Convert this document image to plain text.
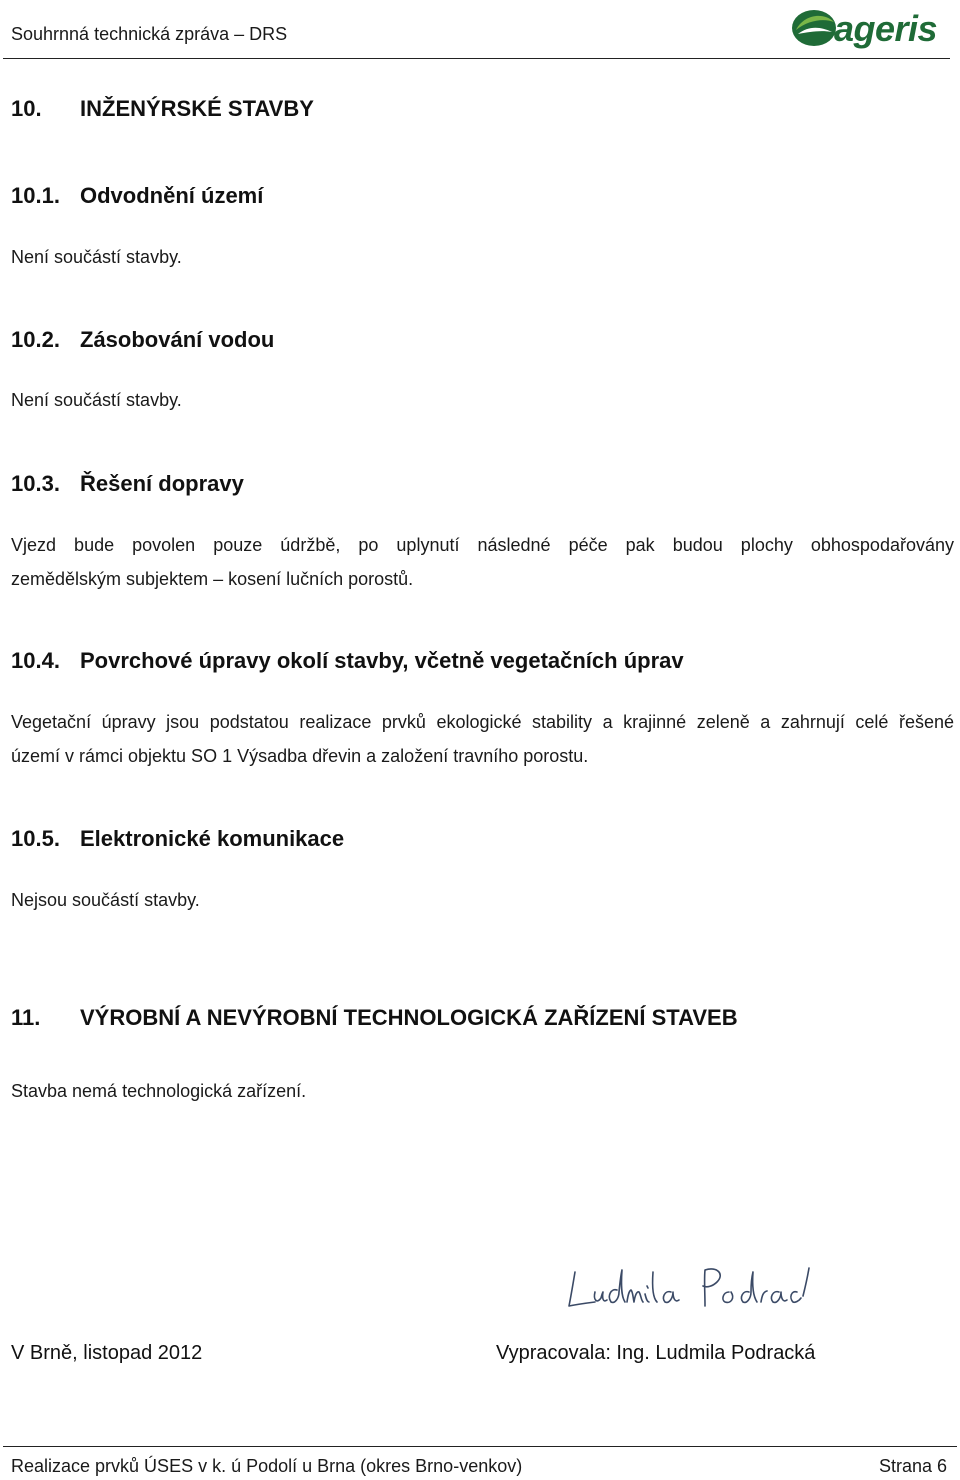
Souhrnná technická zpráva – DRS	ageris
10. INŽENÝRSKÉ STAVBY
10.1. Odvodnění území
Není součástí stavby.
10.2. Zásobování vodou
Není součástí stavby.
10.3. Řešení dopravy
Vjezd bude povolen pouze údržbě, po uplynutí následné péče pak budou plochy obhospodařovány
zemědělským subjektem – kosení lučních porostů.
10.4. Povrchové úpravy okolí stavby, včetně vegetačních úprav
Vegetační úpravy jsou podstatou realizace prvků ekologické stability a krajinné zeleně a zahrnují celé řešené
území v rámci objektu SO 1 Výsadba dřevin a založení travního porostu.
10.5. Elektronické komunikace
Nejsou součástí stavby.
11. VÝROBNÍ A NEVÝROBNÍ TECHNOLOGICKÁ ZAŘÍZENÍ STAVEB
Stavba nemá technologická zařízení.
V Brně, listopad 2012	Vypracovala: Ing. Ludmila Podracká
Realizace prvků ÚSES v k. ú Podolí u Brna (okres Brno-venkov)	Strana 6
